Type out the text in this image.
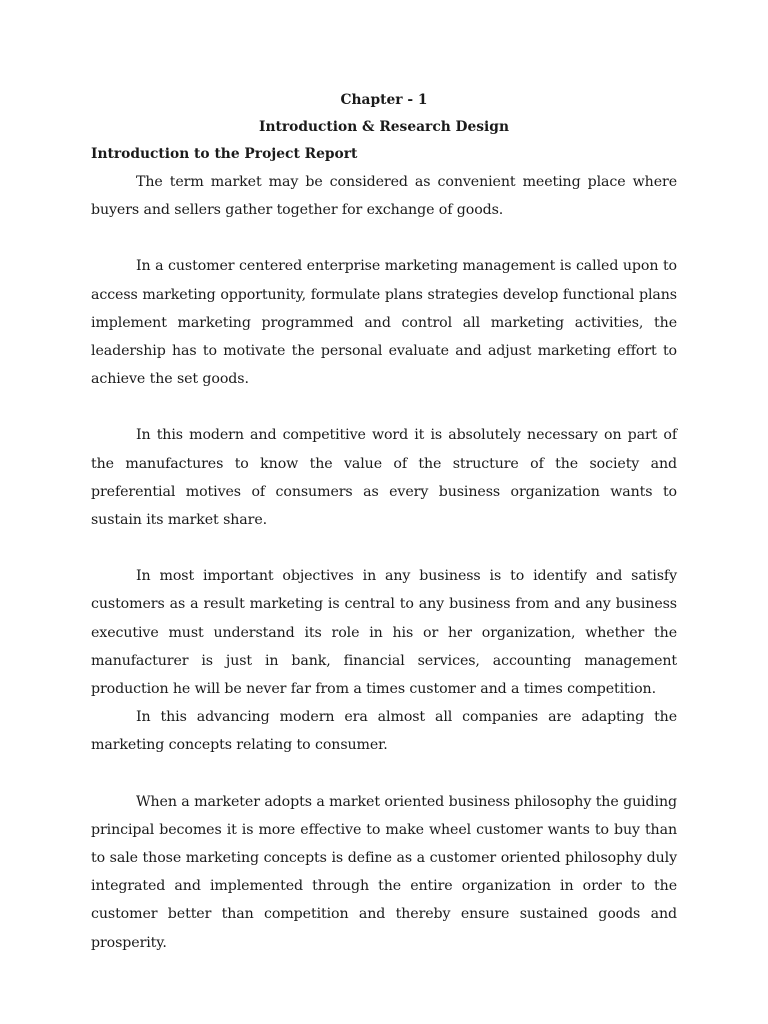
Chapter - 1

Introduction & Research Design

Introduction to the Project Report

The term market may be considered as convenient meeting place where buyers and sellers gather together for exchange of goods.

In a customer centered enterprise marketing management is called upon to access marketing opportunity, formulate plans strategies develop functional plans implement marketing programmed and control all marketing activities, the leadership has to motivate the personal evaluate and adjust marketing effort to achieve the set goods.

In this modern and competitive word it is absolutely necessary on part of the manufactures to know the value of the structure of the society and preferential motives of consumers as every business organization wants to sustain its market share.

In most important objectives in any business is to identify and satisfy customers as a result marketing is central to any business from and any business executive must understand its role in his or her organization, whether the manufacturer is just in bank, financial services, accounting management production he will be never far from a times customer and a times competition.

In this advancing modern era almost all companies are adapting the marketing concepts relating to consumer.

When a marketer adopts a market oriented business philosophy the guiding principal becomes it is more effective to make wheel customer wants to buy than to sale those marketing concepts is define as a customer oriented philosophy duly integrated and implemented through the entire organization in order to the customer better than competition and thereby ensure sustained goods and prosperity.
